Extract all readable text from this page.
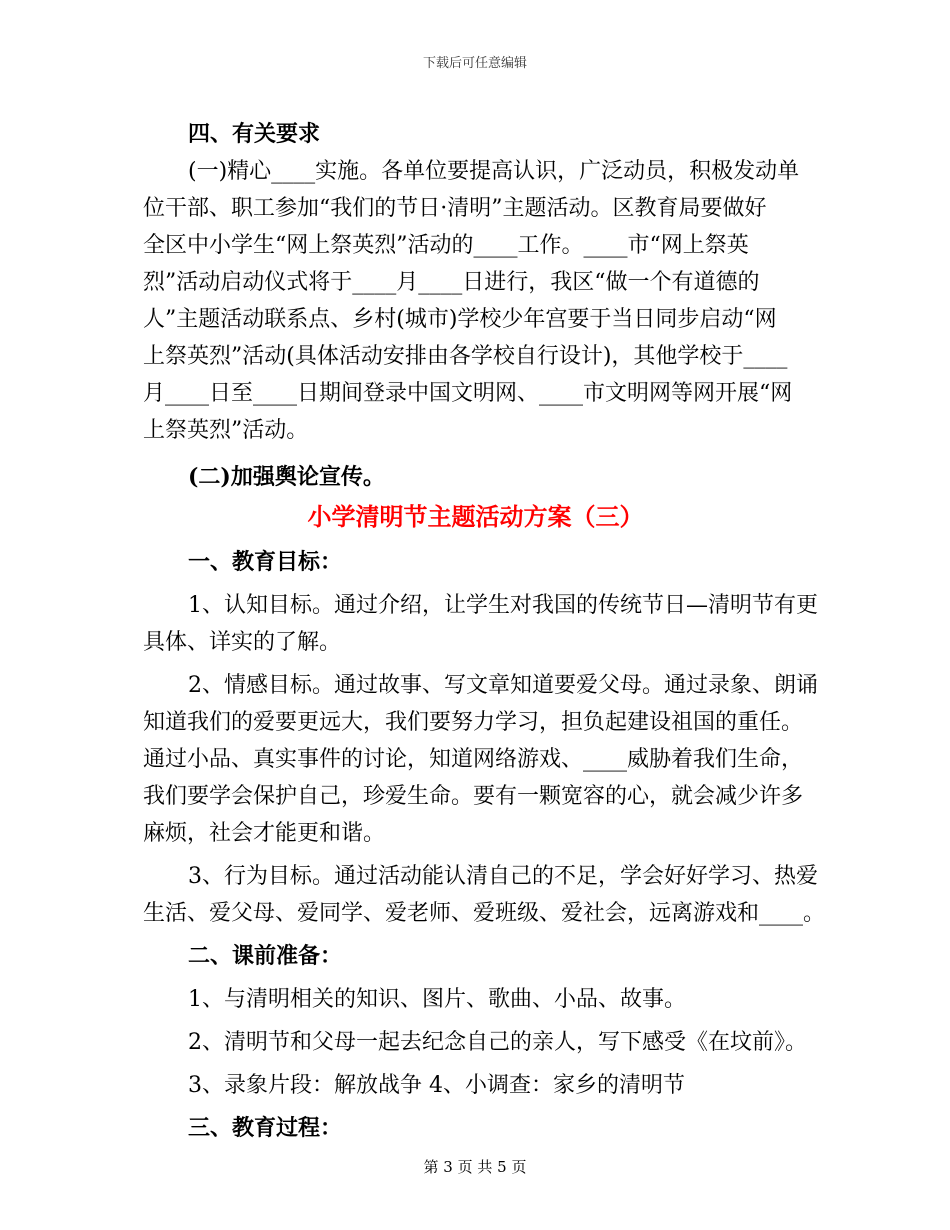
下载后可任意编辑
四、有关要求
(一)精心____实施。各单位要提高认识，广泛动员，积极发动单
位干部、职工参加“我们的节日·清明”主题活动。区教育局要做好
全区中小学生“网上祭英烈”活动的____工作。____市“网上祭英
烈”活动启动仪式将于____月____日进行，我区“做一个有道德的
人”主题活动联系点、乡村(城市)学校少年宫要于当日同步启动“网
上祭英烈”活动(具体活动安排由各学校自行设计)，其他学校于____
月____日至____日期间登录中国文明网、____市文明网等网开展“网
上祭英烈”活动。
(二)加强舆论宣传。
小学清明节主题活动方案（三）
一、教育目标：
1、认知目标。通过介绍，让学生对我国的传统节日—清明节有更
具体、详实的了解。
2、情感目标。通过故事、写文章知道要爱父母。通过录象、朗诵
知道我们的爱要更远大，我们要努力学习，担负起建设祖国的重任。
通过小品、真实事件的讨论，知道网络游戏、____威胁着我们生命，
我们要学会保护自己，珍爱生命。要有一颗宽容的心，就会减少许多
麻烦，社会才能更和谐。
3、行为目标。通过活动能认清自己的不足，学会好好学习、热爱
生活、爱父母、爱同学、爱老师、爱班级、爱社会，远离游戏和____。
二、课前准备：
1、与清明相关的知识、图片、歌曲、小品、故事。
2、清明节和父母一起去纪念自己的亲人，写下感受《在坟前》。
3、录象片段：解放战争 4、小调查：家乡的清明节
三、教育过程：
第 3 页 共 5 页
